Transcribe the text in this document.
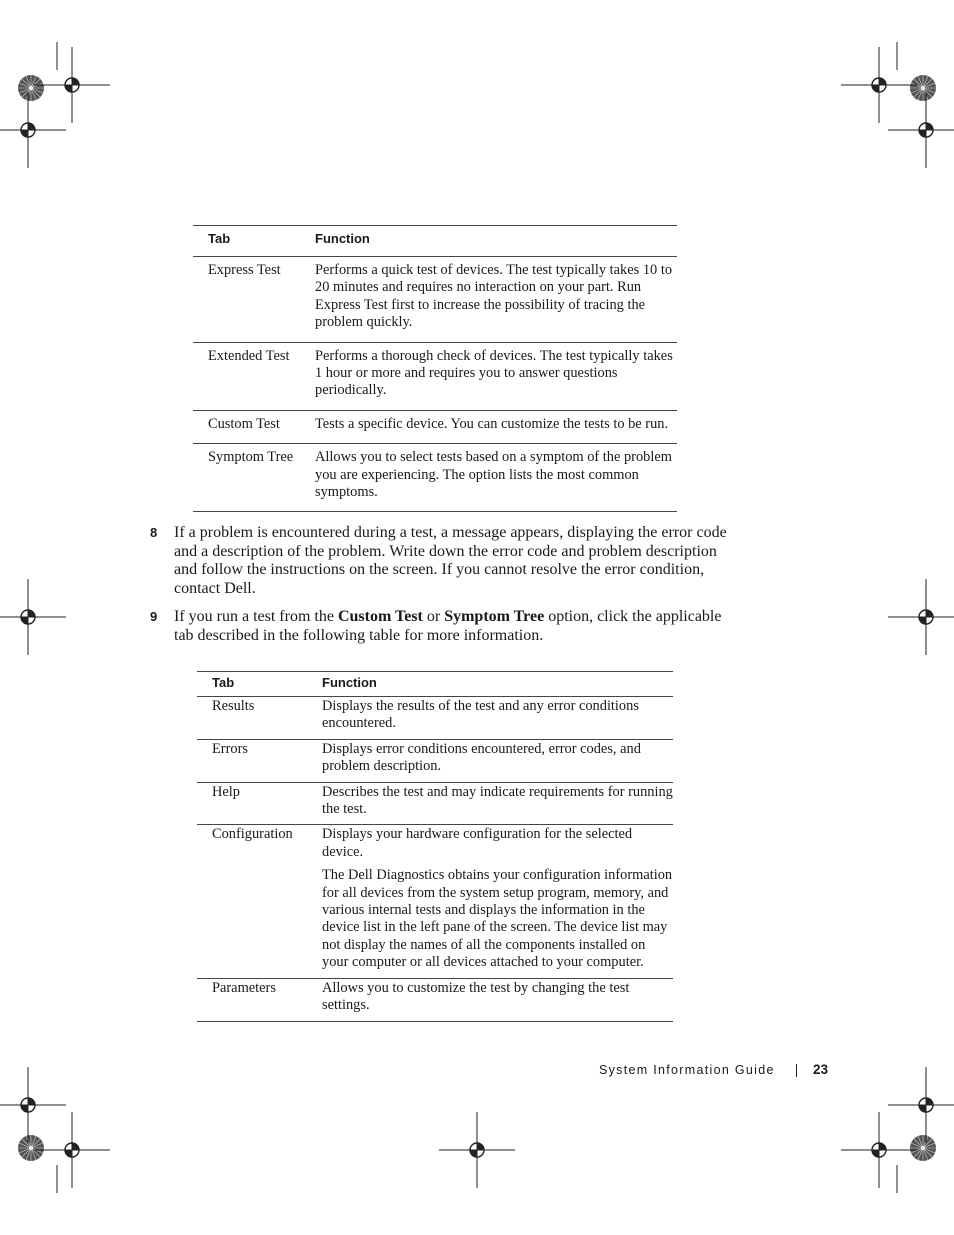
Tab	Function
Express Test	Performs a quick test of devices. The test typically takes 10 to 20 minutes and requires no interaction on your part. Run Express Test first to increase the possibility of tracing the problem quickly.
Extended Test	Performs a thorough check of devices. The test typically takes 1 hour or more and requires you to answer questions periodically.
Custom Test	Tests a specific device. You can customize the tests to be run.
Symptom Tree	Allows you to select tests based on a symptom of the problem you are experiencing. The option lists the most common symptoms.
8 If a problem is encountered during a test, a message appears, displaying the error code and a description of the problem. Write down the error code and problem description and follow the instructions on the screen. If you cannot resolve the error condition, contact Dell.
9 If you run a test from the Custom Test or Symptom Tree option, click the applicable tab described in the following table for more information.
Tab	Function
Results	Displays the results of the test and any error conditions encountered.
Errors	Displays error conditions encountered, error codes, and problem description.
Help	Describes the test and may indicate requirements for running the test.
Configuration	Displays your hardware configuration for the selected device.

The Dell Diagnostics obtains your configuration information for all devices from the system setup program, memory, and various internal tests and displays the information in the device list in the left pane of the screen. The device list may not display the names of all the components installed on your computer or all devices attached to your computer.

Parameters	Allows you to customize the test by changing the test settings.
System Information Guide	23
